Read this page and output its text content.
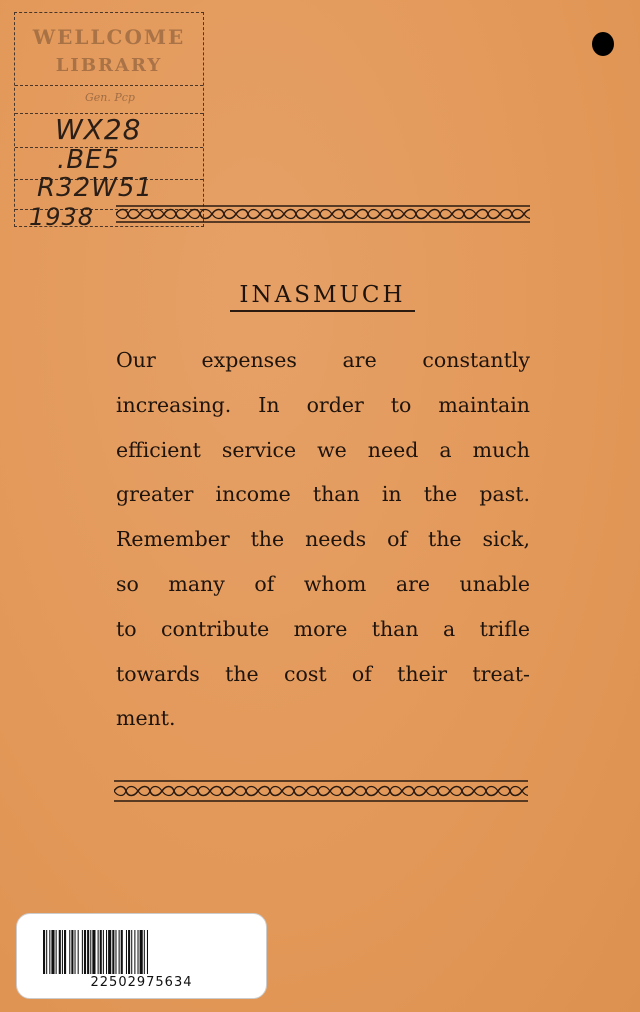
WELLCOME
LIBRARY
Gen. Pcp
WX28
.BE5
R32W51
1938
INASMUCH
Our expenses are constantly
increasing. In order to maintain
efficient service we need a much
greater income than in the past.
Remember the needs of the sick,
so many of whom are unable
to contribute more than a trifle
towards the cost of their treat-
ment.
22502975634
